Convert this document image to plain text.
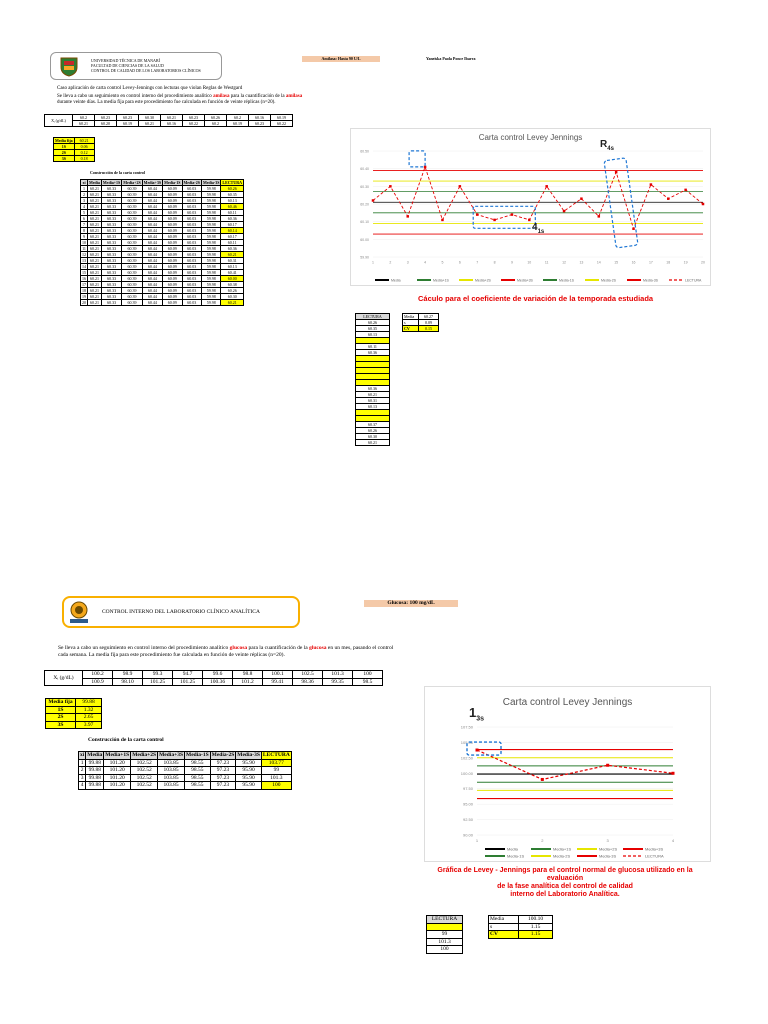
UNIVERSIDAD TÉCNICA DE MANABÍ
FACULTAD DE CIENCIAS DE LA SALUD
CONTROL DE CALIDAD DE LOS LABORATORIOS CLÍNICOS
Amilasa: Hasta 90 U/L	Yaneiska Paola Ponce Ibarra
Caso aplicación de carta control Levey-Jennings con lecturas que violan Reglas de Westgard
Se lleva a cabo un seguimiento en control interno del procedimiento analítico amilasa para la cuantificación de la amilasa durante veinte días. La media fija para este procedimiento fue calculada en función de veinte réplicas (n=20).
Xᵢ (g/dL)	60.2	60.23	60.23	60.30	60.21	60.23	60.26	60.2	60.16	60.19
	60.21	60.20	60.19	60.21	60.16	60.22	60.2	60.19	60.23	60.22
Media fija	60.21
1S	0.06
2S	0.12
3S	0.18
Construcción de la carta control
xi	Media	Media+1S	Media+2S	Media+3S	Media-1S	Media-2S	Media-3S	LECTURA
1	60.21	60.33	60.39	60.44	60.09	60.03	59.98	60.26
2	60.21	60.33	60.39	60.44	60.09	60.03	59.98	60.35
3	60.21	60.33	60.39	60.44	60.09	60.03	59.98	60.13
4	60.21	60.33	60.39	60.44	60.09	60.03	59.98	60.46
5	60.21	60.33	60.39	60.44	60.09	60.03	59.98	60.11
6	60.21	60.33	60.39	60.44	60.09	60.03	59.98	60.36
7	60.21	60.33	60.39	60.44	60.09	60.03	59.98	60.17
8	60.21	60.33	60.39	60.44	60.09	60.03	59.98	60.14
9	60.21	60.33	60.39	60.44	60.09	60.03	59.98	60.17
10	60.21	60.33	60.39	60.44	60.09	60.03	59.98	60.11
11	60.21	60.33	60.39	60.44	60.09	60.03	59.98	60.36
12	60.21	60.33	60.39	60.44	60.09	60.03	59.98	60.21
13	60.21	60.33	60.39	60.44	60.09	60.03	59.98	60.31
14	60.21	60.33	60.39	60.44	60.09	60.03	59.98	60.13
15	60.21	60.33	60.39	60.44	60.09	60.03	59.98	60.41
16	60.21	60.33	60.39	60.44	60.09	60.03	59.98	60.00
17	60.21	60.33	60.39	60.44	60.09	60.03	59.98	60.38
18	60.21	60.33	60.39	60.44	60.09	60.03	59.98	60.26
19	60.21	60.33	60.39	60.44	60.09	60.03	59.98	60.30
20	60.21	60.33	60.39	60.44	60.09	60.03	59.98	60.21
Carta control Levey Jennings
59.90
60.00
60.10
60.20
60.30
60.40
60.50
1	2	3	4	5	6	7	8	9	10	11	12	13	14	15	16	17	18	19	20
Media	Media+1S	Media+2S	Media+3S	Media-1S	Media-2S	Media-3S	LECTURA
$R_{4s}$
$4_{1s}$
Cáculo para el coeficiente de variación de la temporada estudiada
LECTURA
60.26
60.35
60.13

60.11
60.36

60.36
60.21
60.31
60.13

60.37
60.26
60.30
60.21
Media	60.27
s	0.09
CV	0.15
CONTROL INTERNO DEL LABORATORIO CLÍNICO ANALÍTICA
Glucosa: 100 mg/dL
Se lleva a cabo un seguimiento en control interno del procedimiento analítico glucosa para la cuantificación de la glucosa en un mes, pasando el control cada semana. La media fija para este procedimiento fue calculada en función de veinte réplicas (n=20).
Xᵢ (g/dL)	100.2	98.9	99.3	94.7	99.6	98.8	100.1	102.5	101.3	100
	100.9	98.10	101.25	101.25	100.36	101.2	99.41	98.36	99.35	98.5
Media fija	99.88
1S	1.32
2S	2.65
3S	3.97
Construcción de la carta control
xi	Media	Media+1S	Media+2S	Media+3S	Media-1S	Media-2S	Media-3S	LECTURA
1	99.88	101.20	102.52	103.85	98.55	97.23	95.90	103.77
2	99.88	101.20	102.52	103.85	98.55	97.23	95.90	99
3	99.88	101.20	102.52	103.85	98.55	97.23	95.90	101.3
4	99.88	101.20	102.52	103.85	98.55	97.23	95.90	100
Carta control Levey Jennings
90.00
92.50
95.00
97.50
100.00
102.50
105.00
107.50
1	2	3	4
Media	Media+1S	Media+2S	Media+3S
Media-1S	Media-2S	Media-3S	LECTURA
$1_{3s}$
Gráfica de Levey - Jennings para el control normal de glucosa utilizado en la evaluación
de la fase analítica del control de calidad
interno del Laboratorio Analítica.
LECTURA

99
101.3
100
Media	100.10
s	1.15
CV	1.15
